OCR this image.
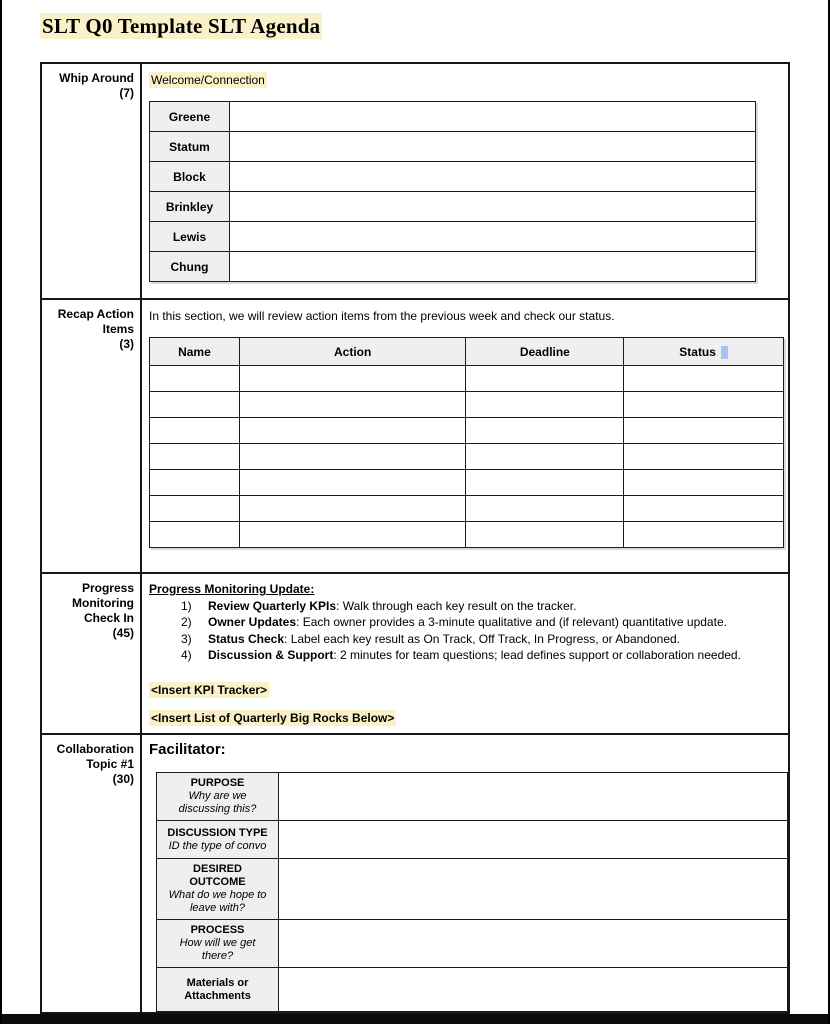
SLT Q0 Template SLT Agenda
Whip Around
(7)

Welcome/Connection
Greene	
Statum	
Block	
Brinkley	
Lewis	
Chung	

Recap Action Items
(3)

In this section, we will review action items from the previous week and check our status.
Name	Action	Deadline	Status

Progress Monitoring Check In
(45)

Progress Monitoring Update:
1)	Review Quarterly KPIs: Walk through each key result on the tracker.
2)	Owner Updates: Each owner provides a 3-minute qualitative and (if relevant) quantitative update.
3)	Status Check: Label each key result as On Track, Off Track, In Progress, or Abandoned.
4)	Discussion & Support: 2 minutes for team questions; lead defines support or collaboration needed.
<Insert KPI Tracker>
<Insert List of Quarterly Big Rocks Below>

Collaboration Topic #1
(30)

Facilitator:
PURPOSE
Why are we discussing this?

DISCUSSION TYPE
ID the type of convo

DESIRED OUTCOME
What do we hope to leave with?

PROCESS
How will we get there?

Materials or Attachments
